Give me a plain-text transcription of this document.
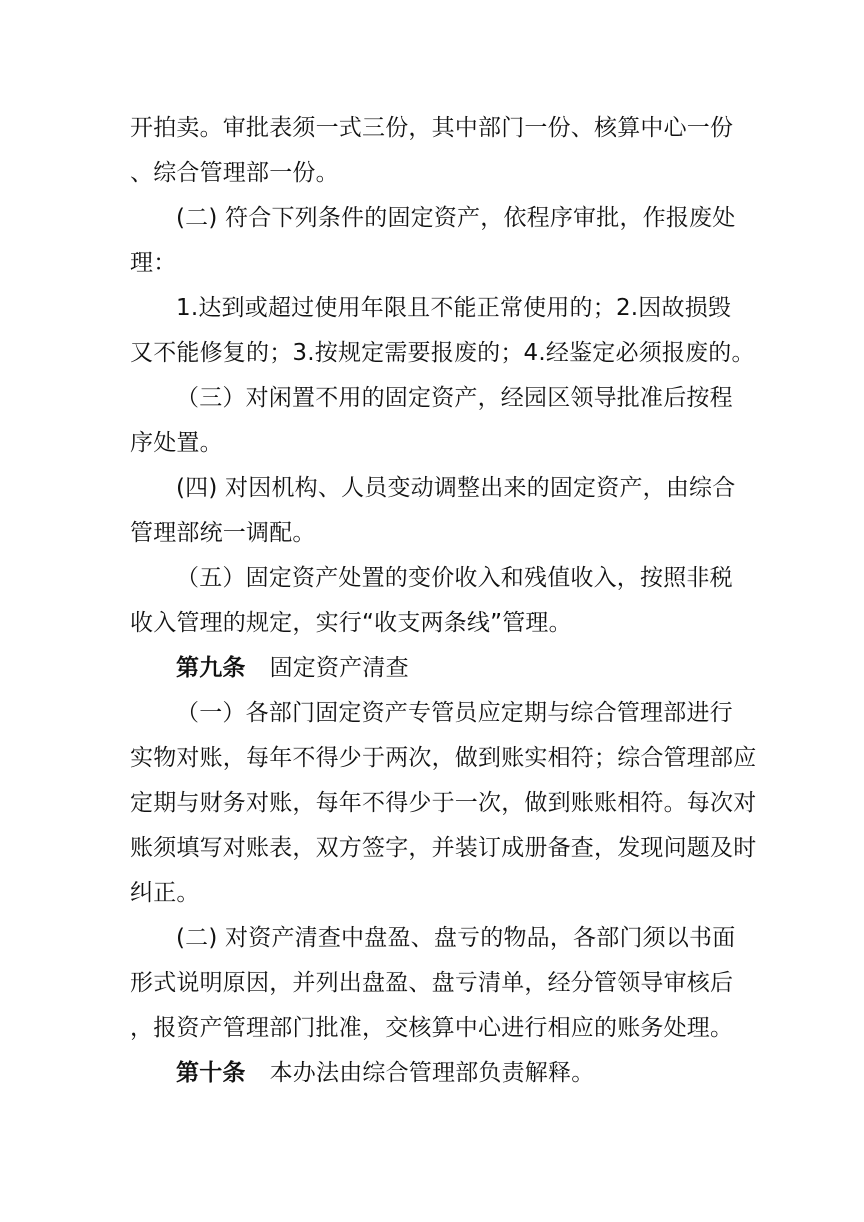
开拍卖。审批表须一式三份，其中部门一份、核算中心一份
、综合管理部一份。
(二) 符合下列条件的固定资产，依程序审批，作报废处
理：
1.达到或超过使用年限且不能正常使用的；2.因故损毁
又不能修复的；3.按规定需要报废的；4.经鉴定必须报废的。
（三）对闲置不用的固定资产，经园区领导批准后按程
序处置。
(四) 对因机构、人员变动调整出来的固定资产，由综合
管理部统一调配。
（五）固定资产处置的变价收入和残值收入，按照非税
收入管理的规定，实行“收支两条线”管理。
第九条 固定资产清查
（一）各部门固定资产专管员应定期与综合管理部进行
实物对账，每年不得少于两次，做到账实相符；综合管理部应
定期与财务对账，每年不得少于一次，做到账账相符。每次对
账须填写对账表，双方签字，并装订成册备查，发现问题及时
纠正。
(二) 对资产清查中盘盈、盘亏的物品，各部门须以书面
形式说明原因，并列出盘盈、盘亏清单，经分管领导审核后
，报资产管理部门批准，交核算中心进行相应的账务处理。
第十条 本办法由综合管理部负责解释。
